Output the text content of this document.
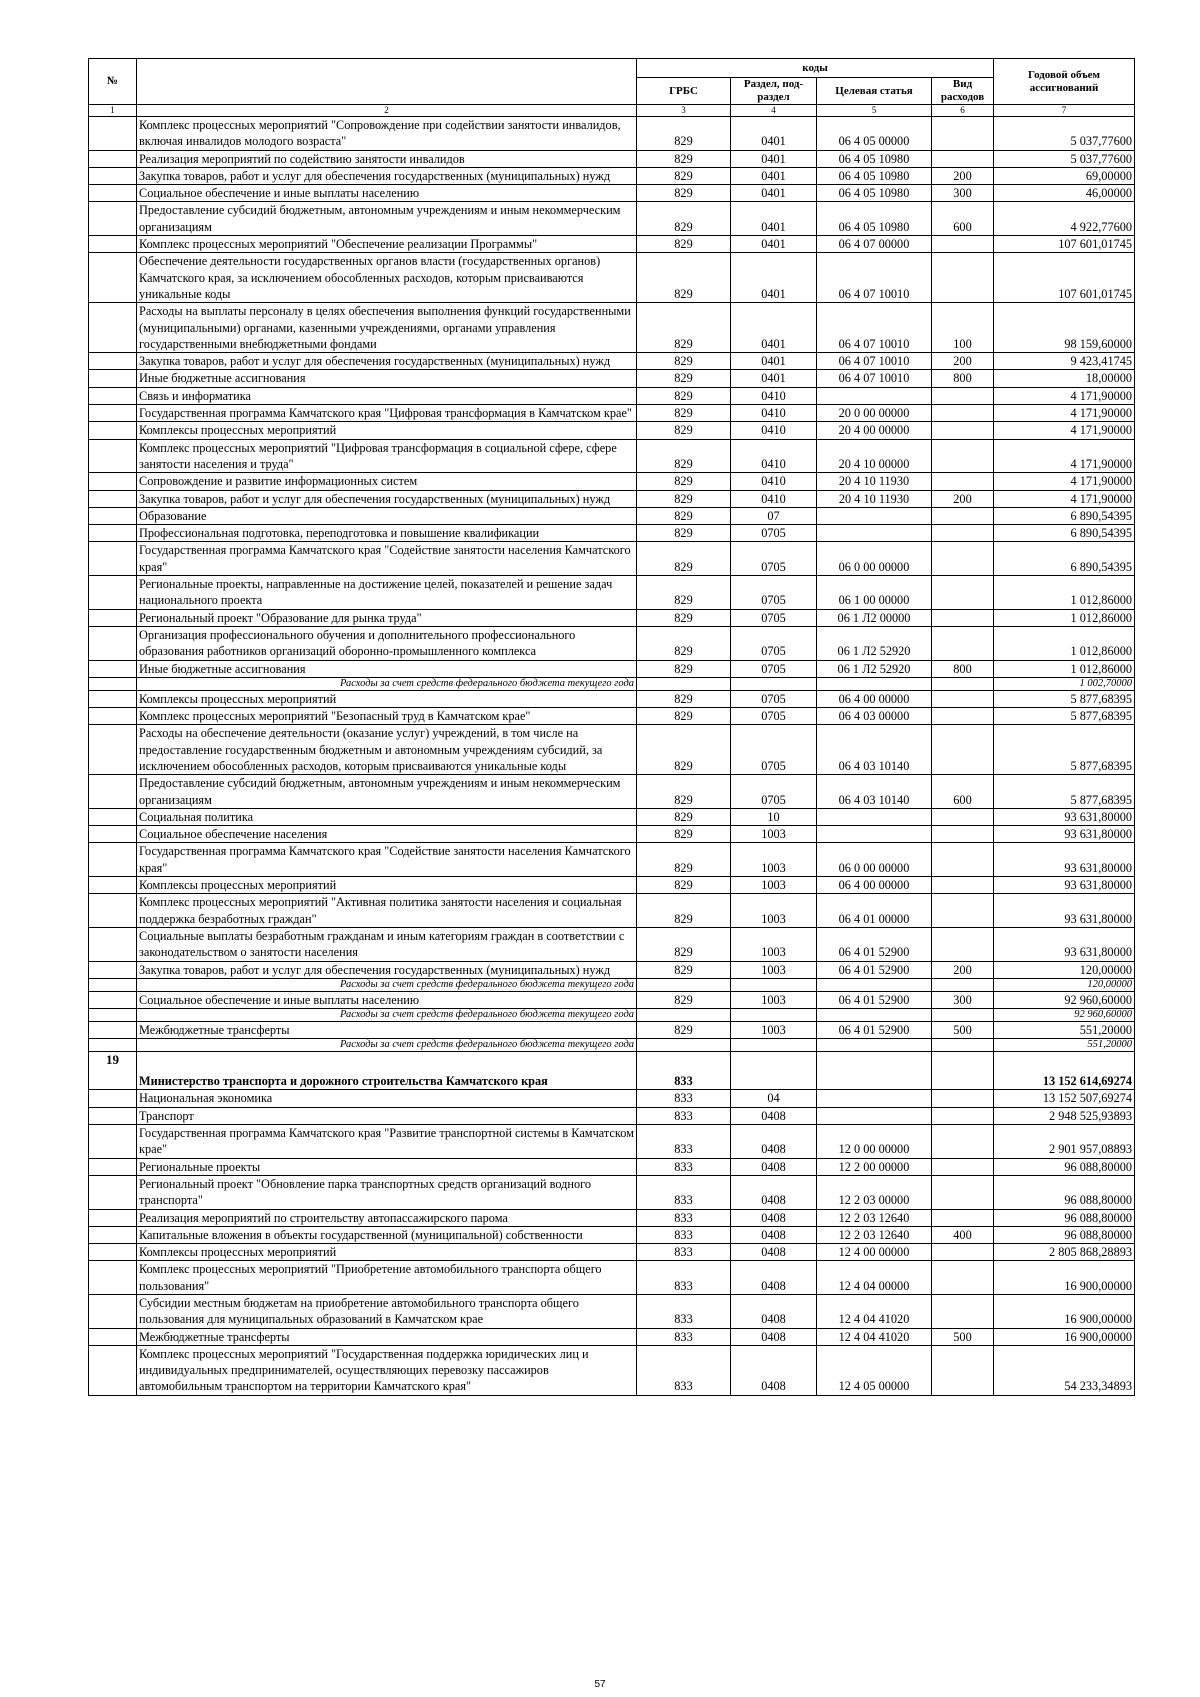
№		коды				Годовой объем ассигнований
		ГРБС	Раздел, под-раздел	Целевая статья	Вид расходов	
1	2	3	4	5	6	7
	Комплекс процессных мероприятий "Сопровождение при содействии занятости инвалидов, включая инвалидов молодого возраста"	829	0401	06 4 05 00000		5 037,77600
	Реализация мероприятий по содействию занятости инвалидов	829	0401	06 4 05 10980		5 037,77600
	Закупка товаров, работ и услуг для обеспечения государственных (муниципальных) нужд	829	0401	06 4 05 10980	200	69,00000
	Социальное обеспечение и иные выплаты населению	829	0401	06 4 05 10980	300	46,00000
	Предоставление субсидий бюджетным, автономным учреждениям и иным некоммерческим организациям	829	0401	06 4 05 10980	600	4 922,77600
	Комплекс процессных мероприятий "Обеспечение реализации Программы"	829	0401	06 4 07 00000		107 601,01745
	Обеспечение деятельности государственных органов власти (государственных органов) Камчатского края, за исключением обособленных расходов, которым присваиваются уникальные коды	829	0401	06 4 07 10010		107 601,01745
	Расходы на выплаты персоналу в целях обеспечения выполнения функций государственными (муниципальными) органами, казенными учреждениями, органами управления государственными внебюджетными фондами	829	0401	06 4 07 10010	100	98 159,60000
	Закупка товаров, работ и услуг для обеспечения государственных (муниципальных) нужд	829	0401	06 4 07 10010	200	9 423,41745
	Иные бюджетные ассигнования	829	0401	06 4 07 10010	800	18,00000
	Связь и информатика	829	0410			4 171,90000
	Государственная программа Камчатского края "Цифровая трансформация в Камчатском крае"	829	0410	20 0 00 00000		4 171,90000
	Комплексы процессных мероприятий	829	0410	20 4 00 00000		4 171,90000
	Комплекс процессных мероприятий "Цифровая трансформация в социальной сфере, сфере занятости населения и труда"	829	0410	20 4 10 00000		4 171,90000
	Сопровождение и развитие информационных систем	829	0410	20 4 10 11930		4 171,90000
	Закупка товаров, работ и услуг для обеспечения государственных (муниципальных) нужд	829	0410	20 4 10 11930	200	4 171,90000
	Образование	829	07			6 890,54395
	Профессиональная подготовка, переподготовка и повышение квалификации	829	0705			6 890,54395
	Государственная программа Камчатского края "Содействие занятости населения Камчатского края"	829	0705	06 0 00 00000		6 890,54395
	Региональные проекты, направленные на достижение целей, показателей и решение задач национального проекта	829	0705	06 1 00 00000		1 012,86000
	Региональный проект "Образование для рынка труда"	829	0705	06 1 Л2 00000		1 012,86000
	Организация профессионального обучения и дополнительного профессионального образования работников организаций оборонно-промышленного комплекса	829	0705	06 1 Л2 52920		1 012,86000
	Иные бюджетные ассигнования	829	0705	06 1 Л2 52920	800	1 012,86000
	Расходы за счет средств федерального бюджета текущего года					1 002,70000
	Комплексы процессных мероприятий	829	0705	06 4 00 00000		5 877,68395
	Комплекс процессных мероприятий "Безопасный труд в Камчатском крае"	829	0705	06 4 03 00000		5 877,68395
	Расходы на обеспечение деятельности (оказание услуг) учреждений, в том числе на предоставление государственным бюджетным и автономным учреждениям субсидий, за исключением обособленных расходов, которым присваиваются уникальные коды	829	0705	06 4 03 10140		5 877,68395
	Предоставление субсидий бюджетным, автономным учреждениям и иным некоммерческим организациям	829	0705	06 4 03 10140	600	5 877,68395
	Социальная политика	829	10			93 631,80000
	Социальное обеспечение населения	829	1003			93 631,80000
	Государственная программа Камчатского края "Содействие занятости населения Камчатского края"	829	1003	06 0 00 00000		93 631,80000
	Комплексы процессных мероприятий	829	1003	06 4 00 00000		93 631,80000
	Комплекс процессных мероприятий "Активная политика занятости населения и социальная поддержка безработных граждан"	829	1003	06 4 01 00000		93 631,80000
	Социальные выплаты безработным гражданам и иным категориям граждан в соответствии с законодательством о занятости населения	829	1003	06 4 01 52900		93 631,80000
	Закупка товаров, работ и услуг для обеспечения государственных (муниципальных) нужд	829	1003	06 4 01 52900	200	120,00000
	Расходы за счет средств федерального бюджета текущего года					120,00000
	Социальное обеспечение и иные выплаты населению	829	1003	06 4 01 52900	300	92 960,60000
	Расходы за счет средств федерального бюджета текущего года					92 960,60000
	Межбюджетные трансферты	829	1003	06 4 01 52900	500	551,20000
	Расходы за счет средств федерального бюджета текущего года					551,20000
19	Министерство транспорта и дорожного строительства Камчатского края	833				13 152 614,69274
	Национальная экономика	833	04			13 152 507,69274
	Транспорт	833	0408			2 948 525,93893
	Государственная программа Камчатского края "Развитие транспортной системы в Камчатском крае"	833	0408	12 0 00 00000		2 901 957,08893
	Региональные проекты	833	0408	12 2 00 00000		96 088,80000
	Региональный проект "Обновление парка транспортных средств организаций водного транспорта"	833	0408	12 2 03 00000		96 088,80000
	Реализация мероприятий по строительству автопассажирского парома	833	0408	12 2 03 12640		96 088,80000
	Капитальные вложения в объекты государственной (муниципальной) собственности	833	0408	12 2 03 12640	400	96 088,80000
	Комплексы процессных мероприятий	833	0408	12 4 00 00000		2 805 868,28893
	Комплекс процессных мероприятий "Приобретение автомобильного транспорта общего пользования"	833	0408	12 4 04 00000		16 900,00000
	Субсидии местным бюджетам на приобретение автомобильного транспорта общего пользования для муниципальных образований в Камчатском крае	833	0408	12 4 04 41020		16 900,00000
	Межбюджетные трансферты	833	0408	12 4 04 41020	500	16 900,00000
	Комплекс процессных мероприятий "Государственная поддержка юридических лиц и индивидуальных предпринимателей, осуществляющих перевозку пассажиров автомобильным транспортом на территории Камчатского края"	833	0408	12 4 05 00000		54 233,34893
57
